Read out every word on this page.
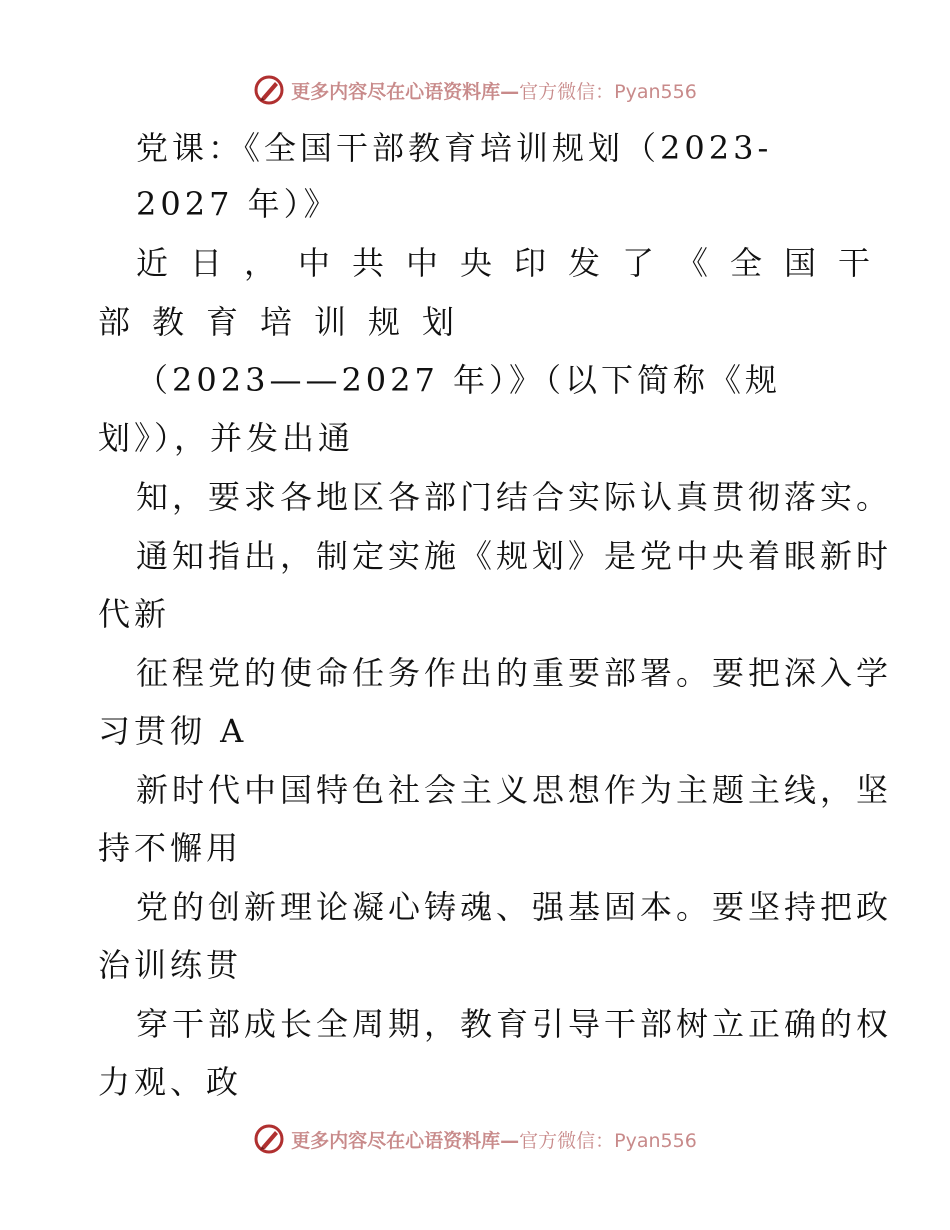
更多内容尽在心语资料库—官方微信：Pyan556
党课：《全国干部教育培训规划（2023-
2027 年）》
近日，中共中央印发了《全国干
部教育培训规划
（2023——2027 年）》（以下简称《规
划》），并发出通
知，要求各地区各部门结合实际认真贯彻落实。
通知指出，制定实施《规划》是党中央着眼新时
代新
征程党的使命任务作出的重要部署。要把深入学
习贯彻 A
新时代中国特色社会主义思想作为主题主线，坚
持不懈用
党的创新理论凝心铸魂、强基固本。要坚持把政
治训练贯
穿干部成长全周期，教育引导干部树立正确的权
力观、政
更多内容尽在心语资料库—官方微信：Pyan556
